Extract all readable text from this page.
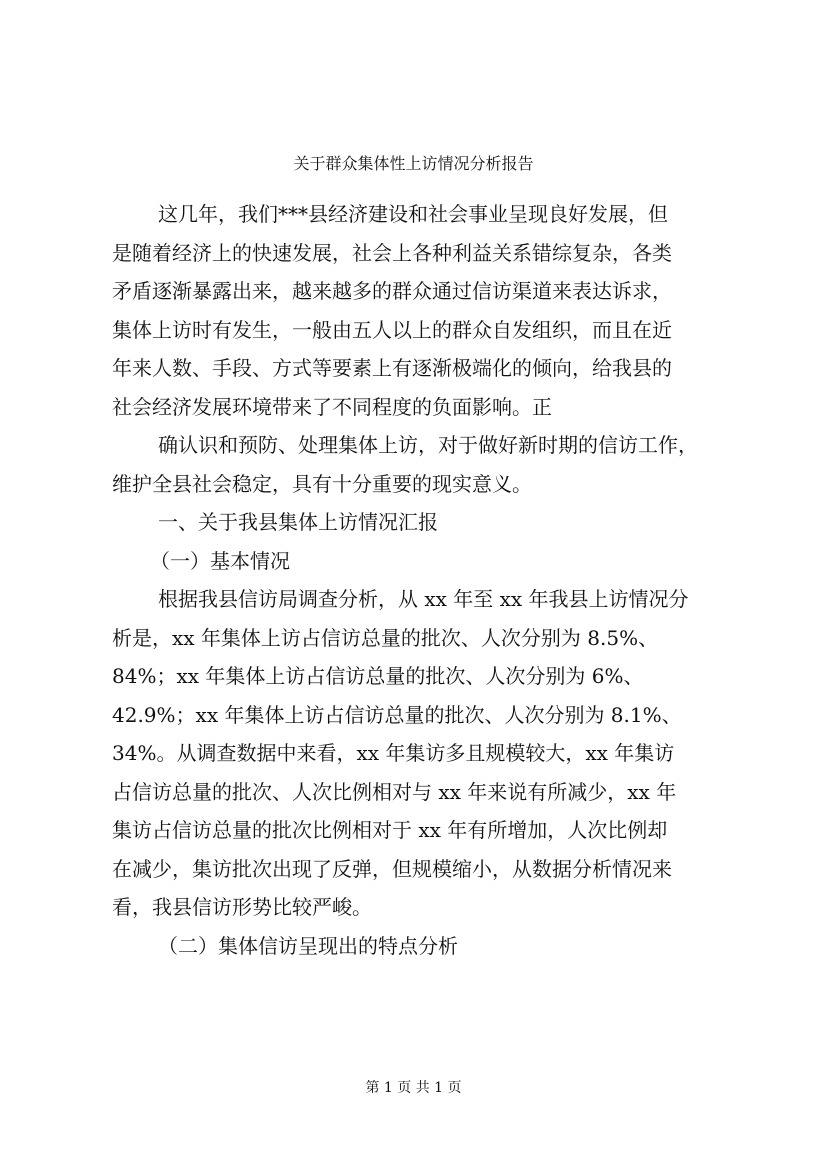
关于群众集体性上访情况分析报告

这几年，我们***县经济建设和社会事业呈现良好发展，但

是随着经济上的快速发展，社会上各种利益关系错综复杂，各类

矛盾逐渐暴露出来，越来越多的群众通过信访渠道来表达诉求，

集体上访时有发生，一般由五人以上的群众自发组织，而且在近

年来人数、手段、方式等要素上有逐渐极端化的倾向，给我县的

社会经济发展环境带来了不同程度的负面影响。正

确认识和预防、处理集体上访，对于做好新时期的信访工作，

维护全县社会稳定，具有十分重要的现实意义。

一、关于我县集体上访情况汇报

（一）基本情况

根据我县信访局调查分析，从 xx 年至 xx 年我县上访情况分

析是，xx 年集体上访占信访总量的批次、人次分别为 8.5%、

84%；xx 年集体上访占信访总量的批次、人次分别为 6%、

42.9%；xx 年集体上访占信访总量的批次、人次分别为 8.1%、

34%。从调查数据中来看，xx 年集访多且规模较大，xx 年集访

占信访总量的批次、人次比例相对与 xx 年来说有所减少，xx 年

集访占信访总量的批次比例相对于 xx 年有所增加，人次比例却

在减少，集访批次出现了反弹，但规模缩小，从数据分析情况来

看，我县信访形势比较严峻。

（二）集体信访呈现出的特点分析

第 1 页 共 1 页
